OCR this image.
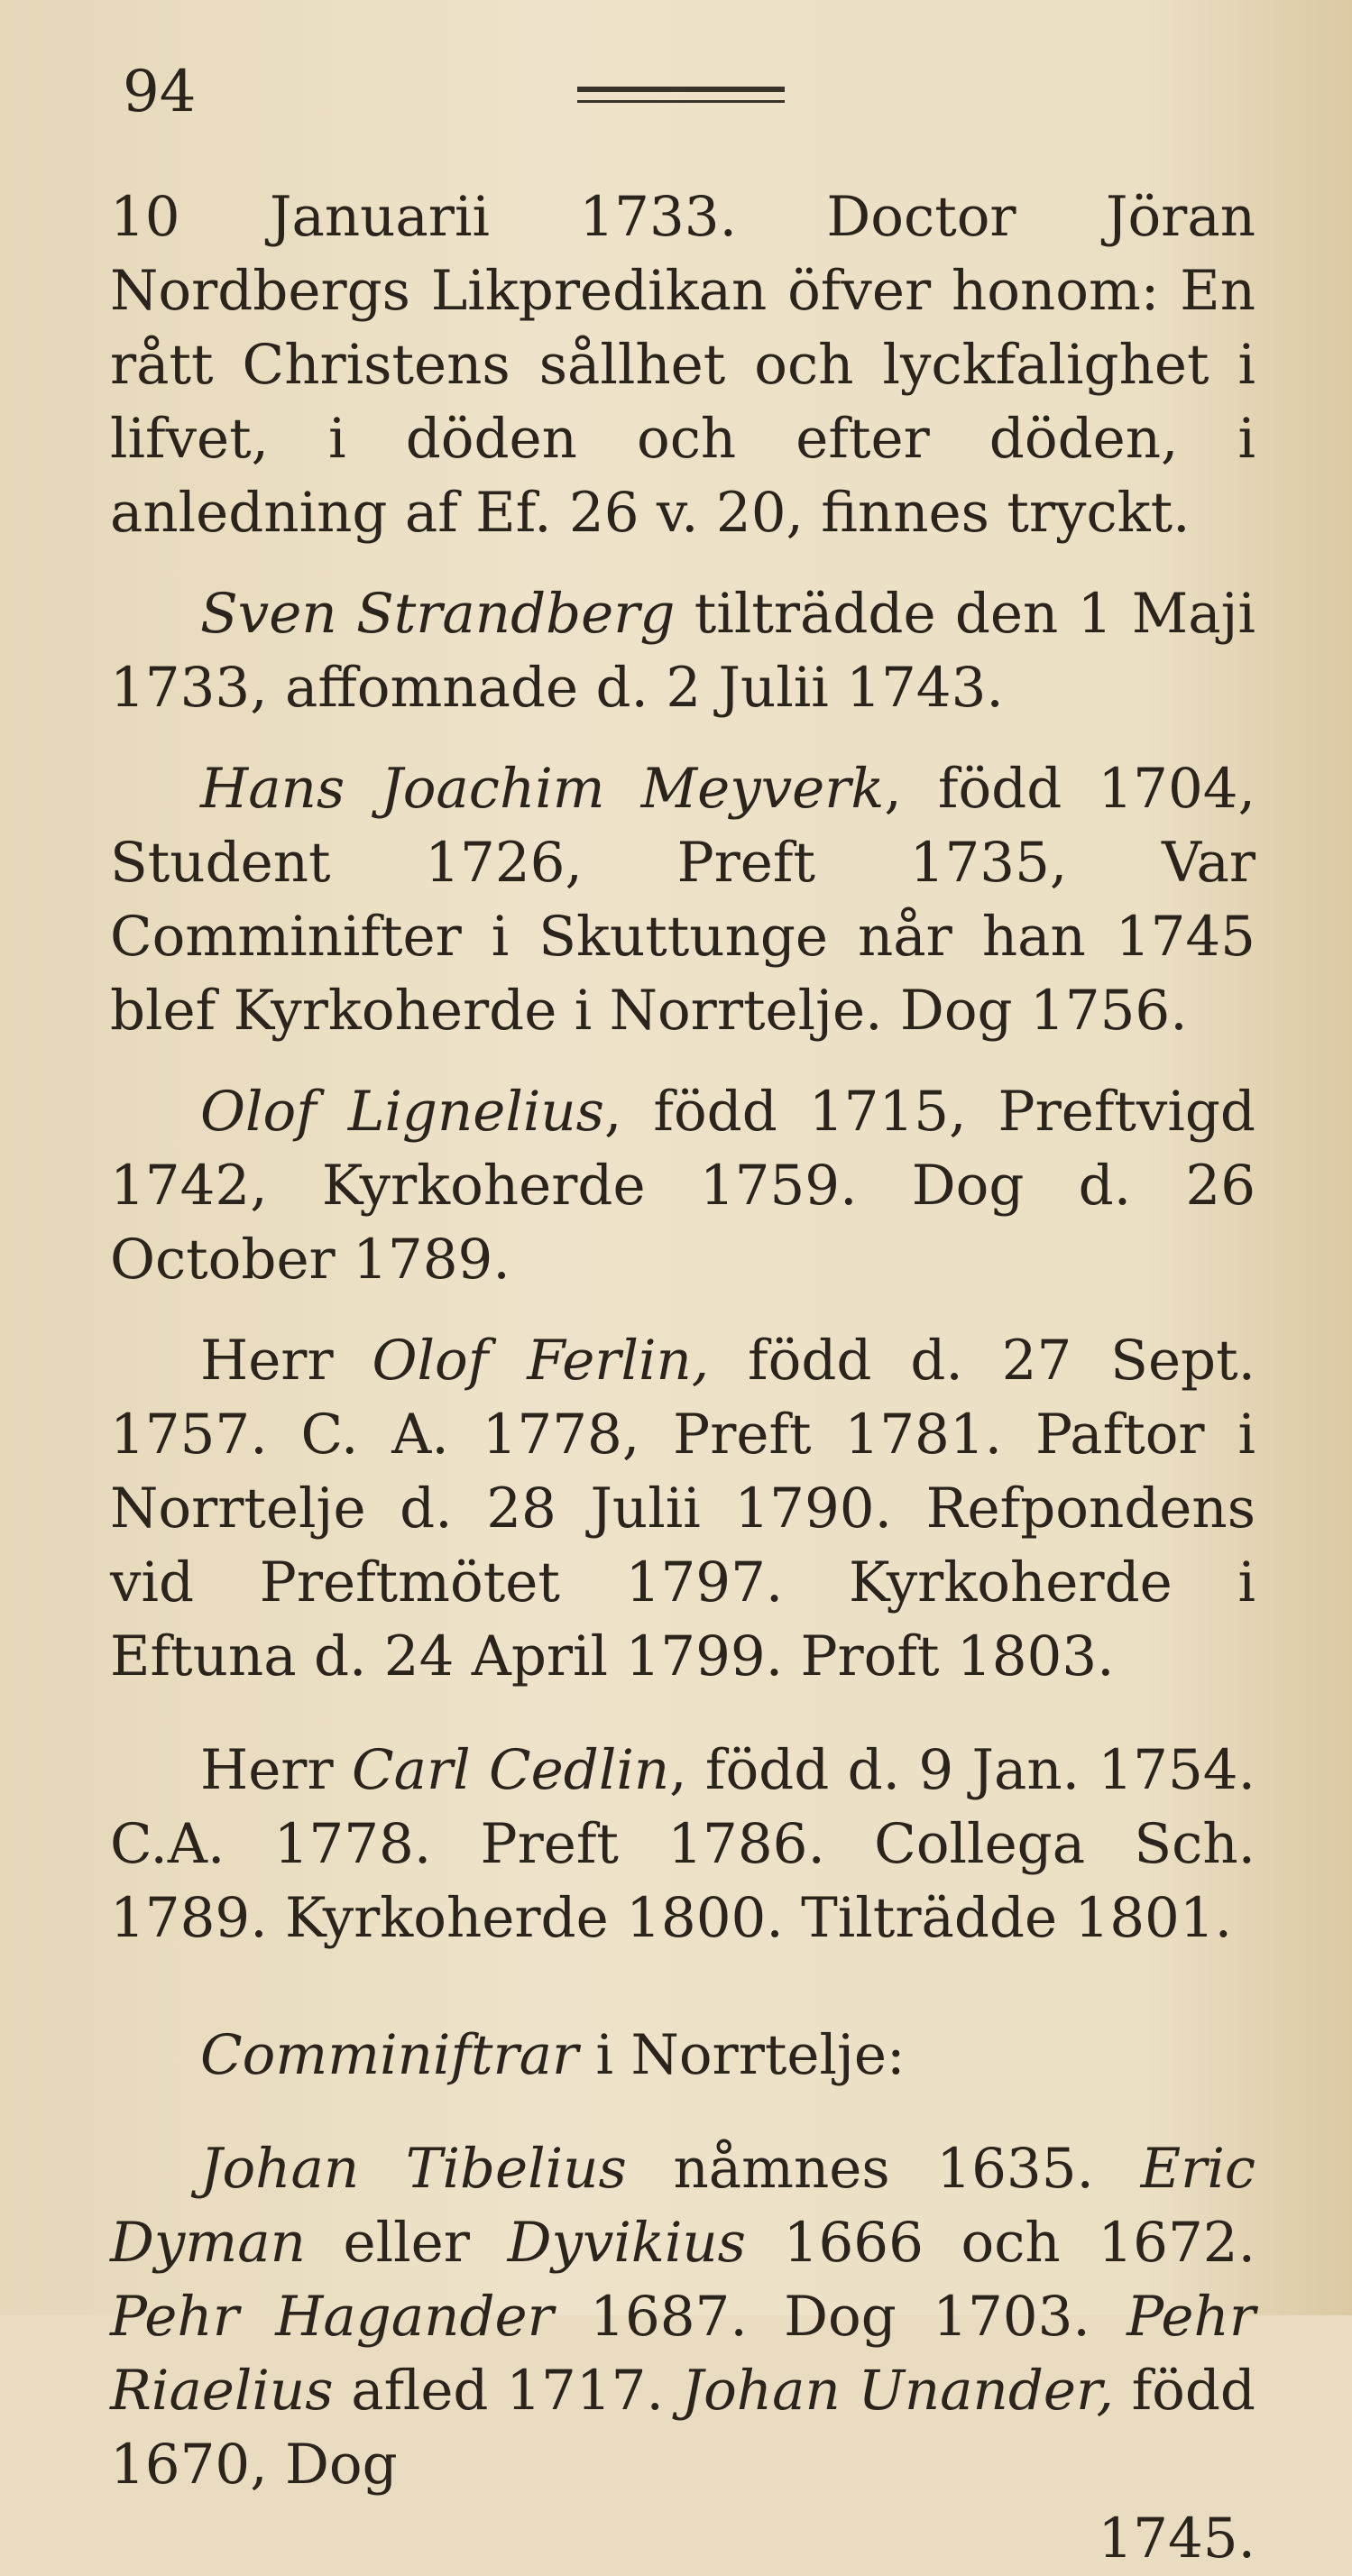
94

10 Januarii 1733. Doctor Jöran Nordbergs Likpredikan öfver honom: En rått Christens sållhet och lyckfalighet i lifvet, i döden och efter döden, i anledning af Ef. 26 v. 20, finnes tryckt.

Sven Strandberg tilträdde den 1 Maji 1733, affomnade d. 2 Julii 1743.

Hans Joachim Meyverk, född 1704, Student 1726, Preft 1735, Var Comminifter i Skuttunge når han 1745 blef Kyrkoherde i Norrtelje. Dog 1756.

Olof Lignelius, född 1715, Preftvigd 1742, Kyrkoherde 1759. Dog d. 26 October 1789.

Herr Olof Ferlin, född d. 27 Sept. 1757. C. A. 1778, Preft 1781. Paftor i Norrtelje d. 28 Julii 1790. Refpondens vid Preftmötet 1797. Kyrkoherde i Eftuna d. 24 April 1799. Proft 1803.

Herr Carl Cedlin, född d. 9 Jan. 1754. C.A. 1778. Preft 1786. Collega Sch. 1789. Kyrkoherde 1800. Tilträdde 1801.

Comminiftrar i Norrtelje:

Johan Tibelius nåmnes 1635. Eric Dyman eller Dyvikius 1666 och 1672. Pehr Hagander 1687. Dog 1703. Pehr Riaelius afled 1717. Johan Unander, född 1670, Dog

1745.
